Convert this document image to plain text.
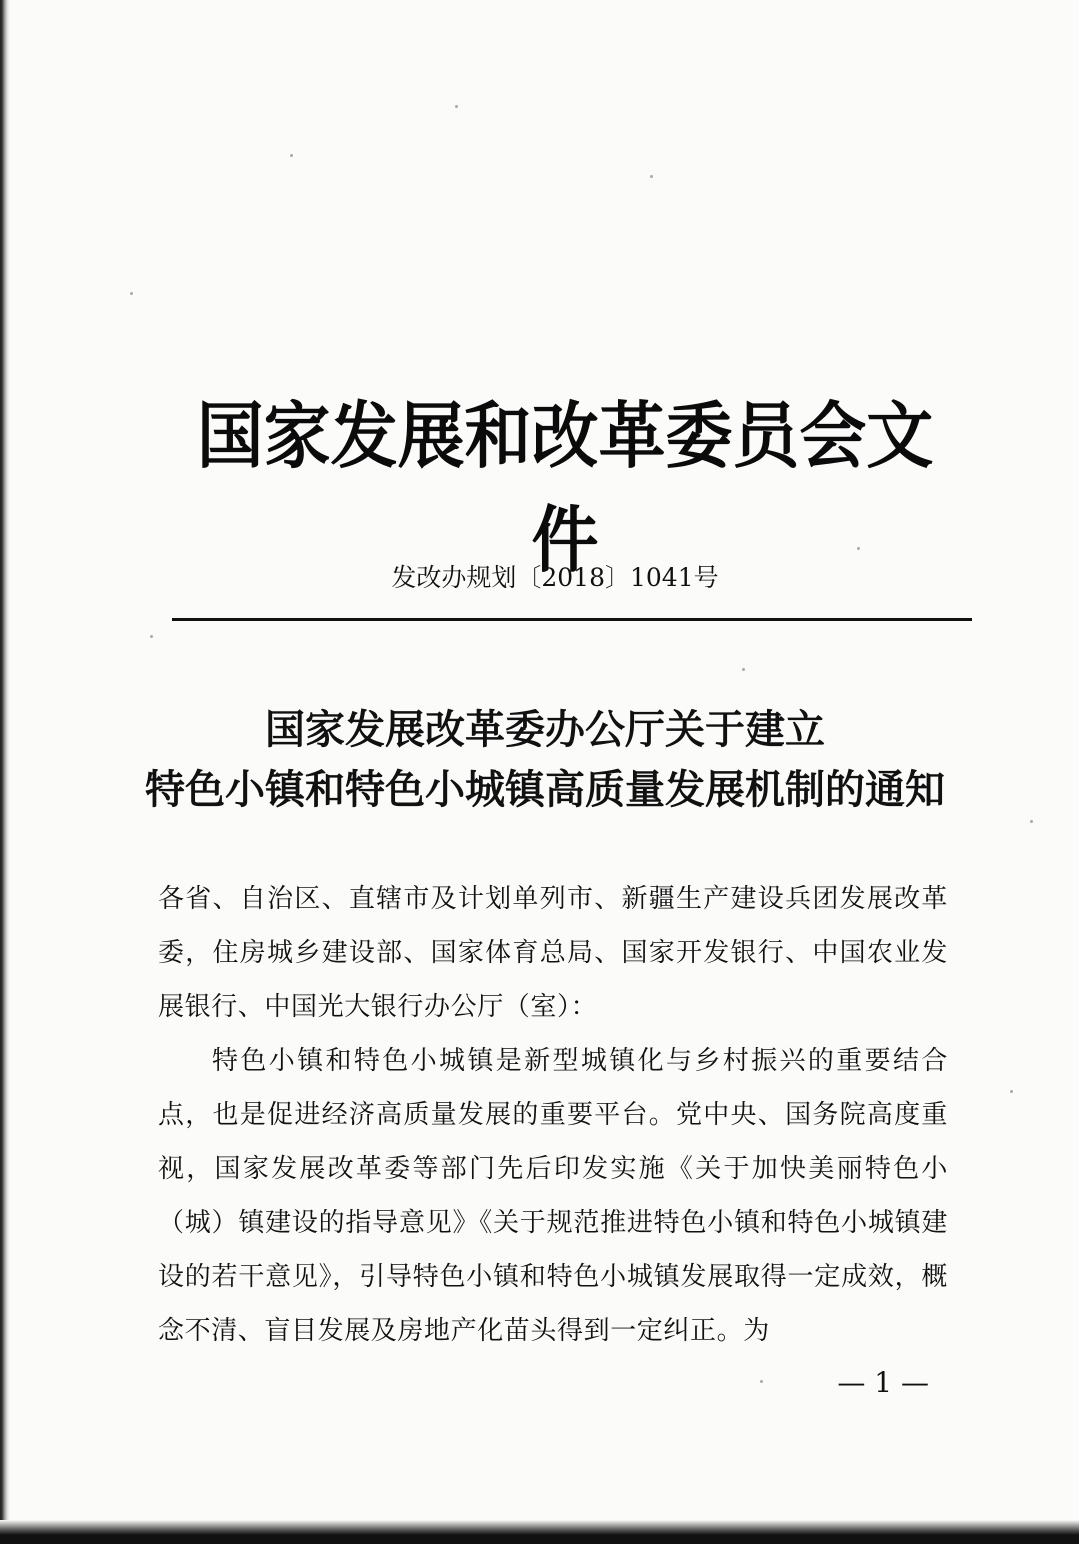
国家发展和改革委员会文件
发改办规划〔2018〕1041号
国家发展改革委办公厅关于建立
特色小镇和特色小城镇高质量发展机制的通知

各省、自治区、直辖市及计划单列市、新疆生产建设兵团发展改革委，住房城乡建设部、国家体育总局、国家开发银行、中国农业发展银行、中国光大银行办公厅（室）：

特色小镇和特色小城镇是新型城镇化与乡村振兴的重要结合点，也是促进经济高质量发展的重要平台。党中央、国务院高度重视，国家发展改革委等部门先后印发实施《关于加快美丽特色小（城）镇建设的指导意见》《关于规范推进特色小镇和特色小城镇建设的若干意见》，引导特色小镇和特色小城镇发展取得一定成效，概念不清、盲目发展及房地产化苗头得到一定纠正。为

— 1 —
